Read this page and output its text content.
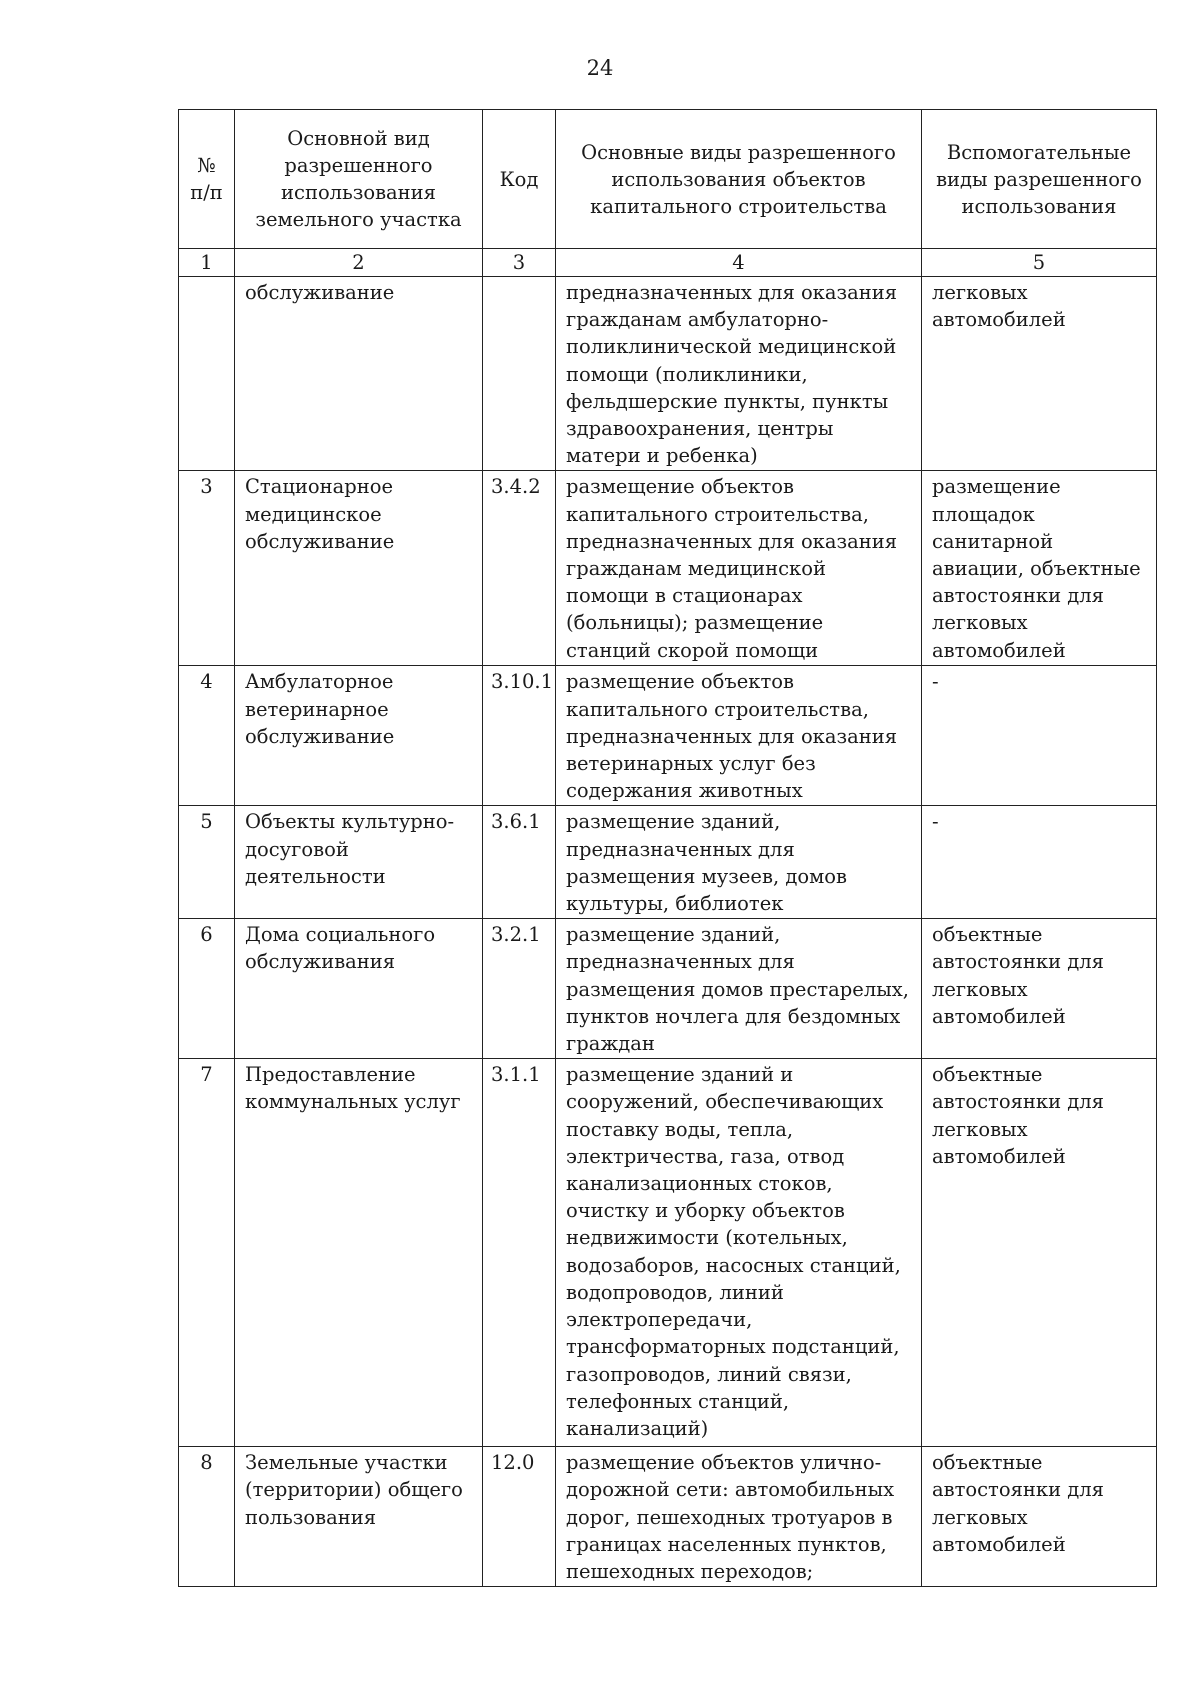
24
№ п/п	Основной вид разрешенного использования земельного участка	Код	Основные виды разрешенного использования объектов капитального строительства	Вспомогательные виды разрешенного использования
1	2	3	4	5
	обслуживание		предназначенных для оказания гражданам амбулаторно-поликлинической медицинской помощи (поликлиники, фельдшерские пункты, пункты здравоохранения, центры матери и ребенка)	легковых автомобилей
3	Стационарное медицинское обслуживание	3.4.2	размещение объектов капитального строительства, предназначенных для оказания гражданам медицинской помощи в стационарах (больницы); размещение станций скорой помощи	размещение площадок санитарной авиации, объектные автостоянки для легковых автомобилей
4	Амбулаторное ветеринарное обслуживание	3.10.1	размещение объектов капитального строительства, предназначенных для оказания ветеринарных услуг без содержания животных	-
5	Объекты культурно-досуговой деятельности	3.6.1	размещение зданий, предназначенных для размещения музеев, домов культуры, библиотек	-
6	Дома социального обслуживания	3.2.1	размещение зданий, предназначенных для размещения домов престарелых, пунктов ночлега для бездомных граждан	объектные автостоянки для легковых автомобилей
7	Предоставление коммунальных услуг	3.1.1	размещение зданий и сооружений, обеспечивающих поставку воды, тепла, электричества, газа, отвод канализационных стоков, очистку и уборку объектов недвижимости (котельных, водозаборов, насосных станций, водопроводов, линий электропередачи, трансформаторных подстанций, газопроводов, линий связи, телефонных станций, канализаций)	объектные автостоянки для легковых автомобилей
8	Земельные участки (территории) общего пользования	12.0	размещение объектов улично-дорожной сети: автомобильных дорог, пешеходных тротуаров в границах населенных пунктов, пешеходных переходов;	объектные автостоянки для легковых автомобилей
